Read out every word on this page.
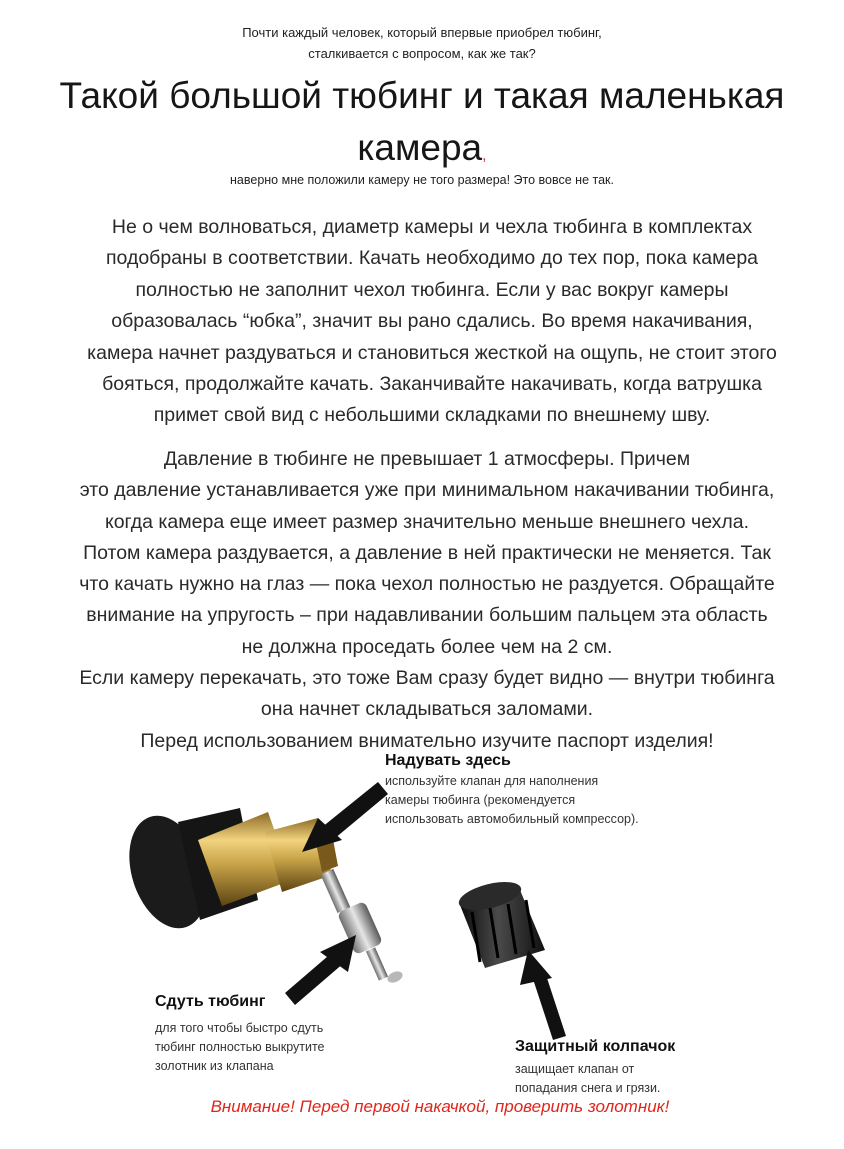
Почти каждый человек, который впервые приобрел тюбинг,
сталкивается с вопросом, как же так?
Такой большой тюбинг и такая маленькая
камера,
наверно мне положили камеру не того размера! Это вовсе не так.
Не о чем волноваться, диаметр камеры и чехла тюбинга в комплектах
подобраны в соответствии. Качать необходимо до тех пор, пока камера
полностью не заполнит чехол тюбинга. Если у вас вокруг камеры
образовалась “юбка”, значит вы рано сдались. Во время накачивания,
камера начнет раздуваться и становиться жесткой на ощупь, не стоит этого
бояться, продолжайте качать. Заканчивайте накачивать, когда ватрушка
примет свой вид с небольшими складками по внешнему шву.
Давление в тюбинге не превышает 1 атмосферы. Причем
это давление устанавливается уже при минимальном накачивании тюбинга,
когда камера еще имеет размер значительно меньше внешнего чехла.
Потом камера раздувается, а давление в ней практически не меняется. Так
что качать нужно на глаз — пока чехол полностью не раздуется. Обращайте
внимание на упругость – при надавливании большим пальцем эта область
не должна проседать более чем на 2 см.
Если камеру перекачать, это тоже Вам сразу будет видно — внутри тюбинга
она начнет складываться заломами.
Перед использованием внимательно изучите паспорт изделия!
Надувать здесь
используйте клапан для наполнения
камеры тюбинга (рекомендуется
использовать автомобильный компрессор).
Сдуть тюбинг
для того чтобы быстро сдуть
тюбинг полностью выкрутите
золотник из клапана
Защитный колпачок
защищает клапан от
попадания снега и грязи.
Внимание! Перед первой накачкой, проверить золотник!
